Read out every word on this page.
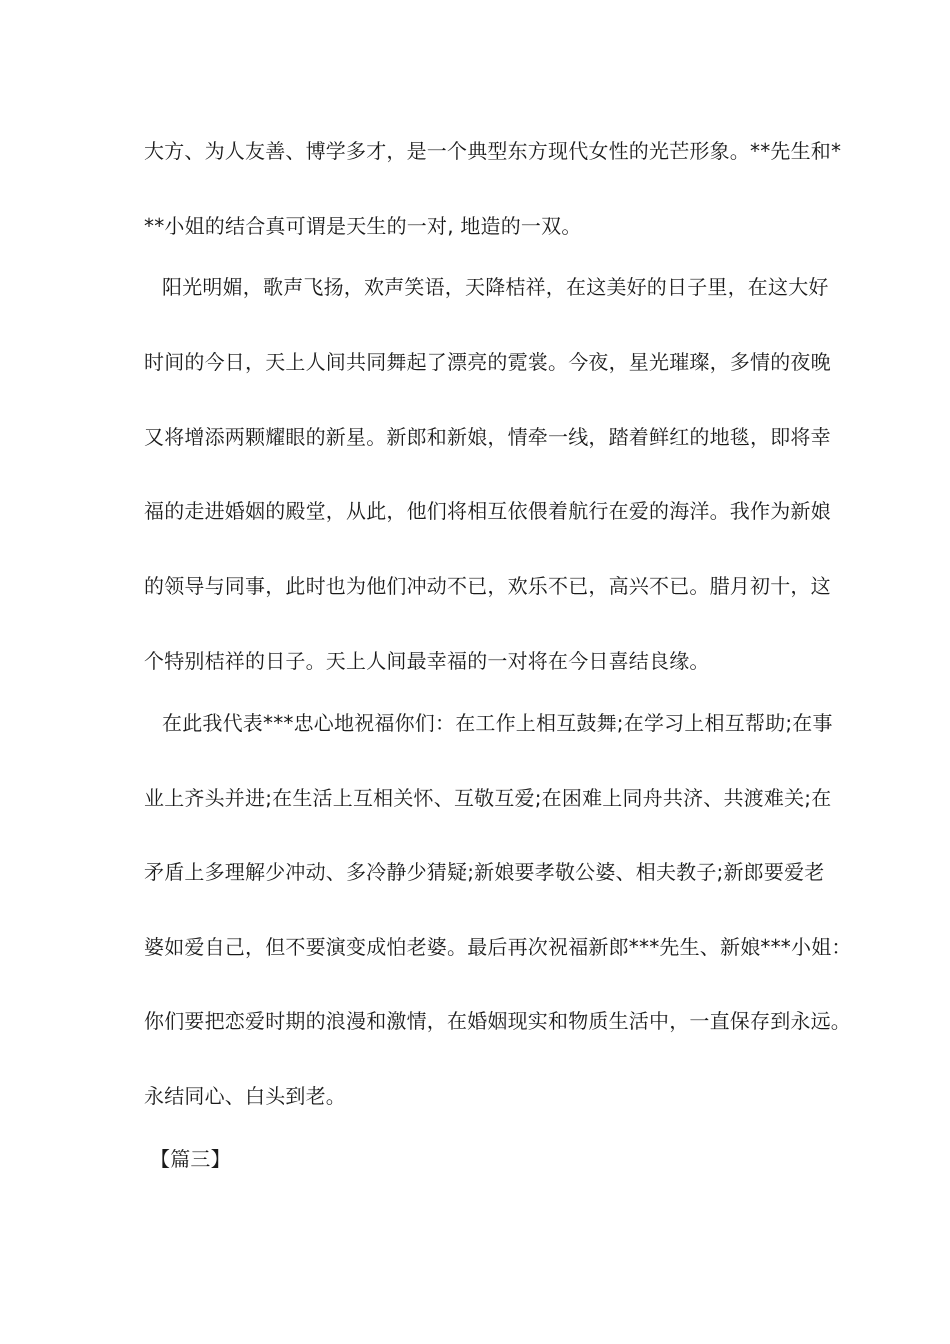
大方、为人友善、博学多才，是一个典型东方现代女性的光芒形象。**先生和*
**小姐的结合真可谓是天生的一对, 地造的一双。
阳光明媚，歌声飞扬，欢声笑语，天降桔祥，在这美好的日子里，在这大好
时间的今日，天上人间共同舞起了漂亮的霓裳。今夜，星光璀璨，多情的夜晚
又将增添两颗耀眼的新星。新郎和新娘，情牵一线，踏着鲜红的地毯，即将幸
福的走进婚姻的殿堂，从此，他们将相互依偎着航行在爱的海洋。我作为新娘
的领导与同事，此时也为他们冲动不已，欢乐不已，高兴不已。腊月初十，这
个特别桔祥的日子。天上人间最幸福的一对将在今日喜结良缘。
在此我代表***忠心地祝福你们：在工作上相互鼓舞;在学习上相互帮助;在事
业上齐头并进;在生活上互相关怀、互敬互爱;在困难上同舟共济、共渡难关;在
矛盾上多理解少冲动、多冷静少猜疑;新娘要孝敬公婆、相夫教子;新郎要爱老
婆如爱自己，但不要演变成怕老婆。最后再次祝福新郎***先生、新娘***小姐：
你们要把恋爱时期的浪漫和激情，在婚姻现实和物质生活中，一直保存到永远。
永结同心、白头到老。
【篇三】
